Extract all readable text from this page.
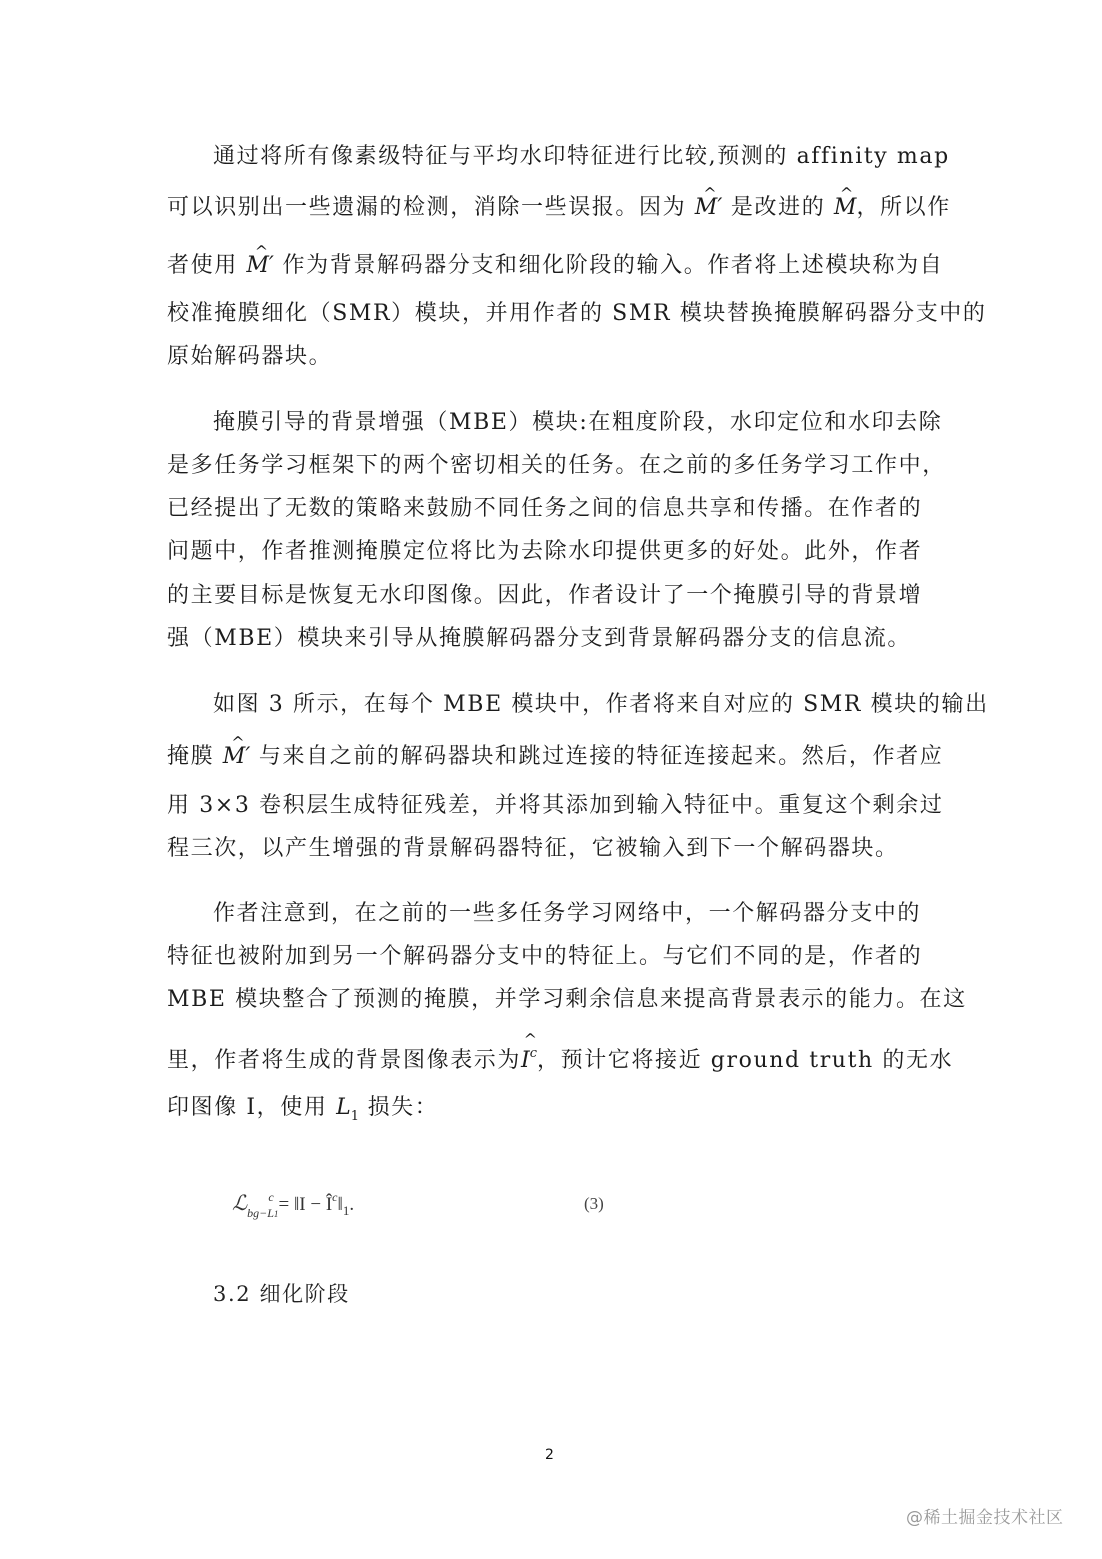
通过将所有像素级特征与平均水印特征进行比较,预测的 affinity map
可以识别出一些遗漏的检测，消除一些误报。因为 ^ M′ 是改进的 ^ M，所以作
者使用 ^ M′ 作为背景解码器分支和细化阶段的输入。作者将上述模块称为自
校准掩膜细化（SMR）模块，并用作者的 SMR 模块替换掩膜解码器分支中的
原始解码器块。
掩膜引导的背景增强（MBE）模块:在粗度阶段，水印定位和水印去除
是多任务学习框架下的两个密切相关的任务。在之前的多任务学习工作中，
已经提出了无数的策略来鼓励不同任务之间的信息共享和传播。在作者的
问题中，作者推测掩膜定位将比为去除水印提供更多的好处。此外，作者
的主要目标是恢复无水印图像。因此，作者设计了一个掩膜引导的背景增
强（MBE）模块来引导从掩膜解码器分支到背景解码器分支的信息流。
如图 3 所示，在每个 MBE 模块中，作者将来自对应的 SMR 模块的输出
掩膜 ^ M′ 与来自之前的解码器块和跳过连接的特征连接起来。然后，作者应
用 3×3 卷积层生成特征残差，并将其添加到输入特征中。重复这个剩余过
程三次，以产生增强的背景解码器特征，它被输入到下一个解码器块。
作者注意到，在之前的一些多任务学习网络中，一个解码器分支中的
特征也被附加到另一个解码器分支中的特征上。与它们不同的是，作者的
MBE 模块整合了预测的掩膜，并学习剩余信息来提高背景表示的能力。在这
里，作者将生成的背景图像表示为^ $I^c$，预计它将接近 ground truth 的无水
印图像 I，使用 $L_1$ 损失：
ℒ$_{bg-L1}^c$ = ‖I − $Î^c‖_1$.	(3)
3.2 细化阶段
2
@稀土掘金技术社区
